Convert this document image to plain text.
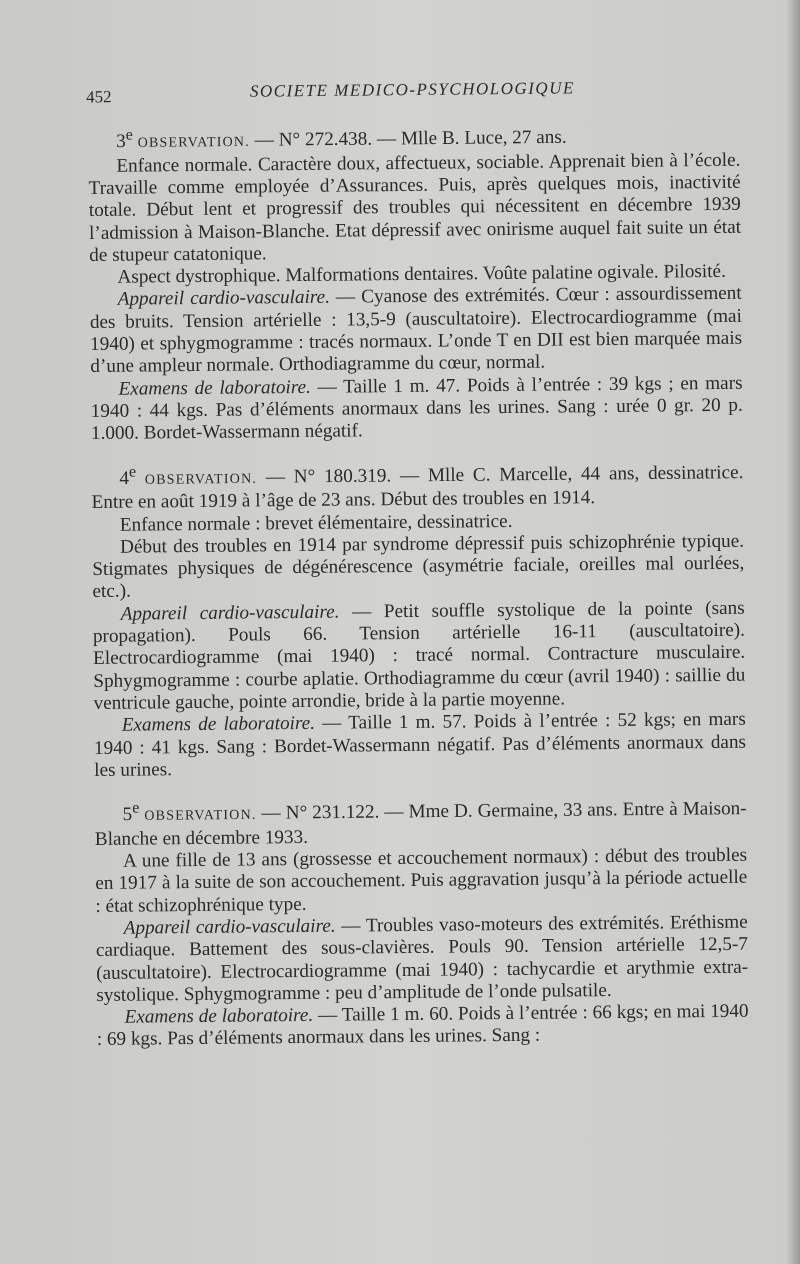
452	SOCIETE MEDICO-PSYCHOLOGIQUE

3e OBSERVATION. — N° 272.438. — Mlle B. Luce, 27 ans.

Enfance normale. Caractère doux, affectueux, sociable. Apprenait bien à l’école. Travaille comme employée d’Assurances. Puis, après quelques mois, inactivité totale. Début lent et progressif des troubles qui nécessitent en décembre 1939 l’admission à Maison-Blanche. Etat dépressif avec onirisme auquel fait suite un état de stupeur catatonique.

Aspect dystrophique. Malformations dentaires. Voûte palatine ogivale. Pilosité.

Appareil cardio-vasculaire. — Cyanose des extrémités. Cœur : assourdissement des bruits. Tension artérielle : 13,5-9 (auscultatoire). Electrocardiogramme (mai 1940) et sphygmogramme : tracés normaux. L’onde T en DII est bien marquée mais d’une ampleur normale. Orthodiagramme du cœur, normal.

Examens de laboratoire. — Taille 1 m. 47. Poids à l’entrée : 39 kgs ; en mars 1940 : 44 kgs. Pas d’éléments anormaux dans les urines. Sang : urée 0 gr. 20 p. 1.000. Bordet-Wassermann négatif.

4e OBSERVATION. — N° 180.319. — Mlle C. Marcelle, 44 ans, dessinatrice. Entre en août 1919 à l’âge de 23 ans. Début des troubles en 1914.

Enfance normale : brevet élémentaire, dessinatrice.

Début des troubles en 1914 par syndrome dépressif puis schizophrénie typique. Stigmates physiques de dégénérescence (asymétrie faciale, oreilles mal ourlées, etc.).

Appareil cardio-vasculaire. — Petit souffle systolique de la pointe (sans propagation). Pouls 66. Tension artérielle 16-11 (auscultatoire). Electrocardiogramme (mai 1940) : tracé normal. Contracture musculaire. Sphygmogramme : courbe aplatie. Orthodiagramme du cœur (avril 1940) : saillie du ventricule gauche, pointe arrondie, bride à la partie moyenne.

Examens de laboratoire. — Taille 1 m. 57. Poids à l’entrée : 52 kgs; en mars 1940 : 41 kgs. Sang : Bordet-Wassermann négatif. Pas d’éléments anormaux dans les urines.

5e OBSERVATION. — N° 231.122. — Mme D. Germaine, 33 ans. Entre à Maison-Blanche en décembre 1933.

A une fille de 13 ans (grossesse et accouchement normaux) : début des troubles en 1917 à la suite de son accouchement. Puis aggravation jusqu’à la période actuelle : état schizophrénique type.

Appareil cardio-vasculaire. — Troubles vaso-moteurs des extrémités. Eréthisme cardiaque. Battement des sous-clavières. Pouls 90. Tension artérielle 12,5-7 (auscultatoire). Electrocardiogramme (mai 1940) : tachycardie et arythmie extra-systolique. Sphygmogramme : peu d’amplitude de l’onde pulsatile.

Examens de laboratoire. — Taille 1 m. 60. Poids à l’entrée : 66 kgs; en mai 1940 : 69 kgs. Pas d’éléments anormaux dans les urines. Sang :
